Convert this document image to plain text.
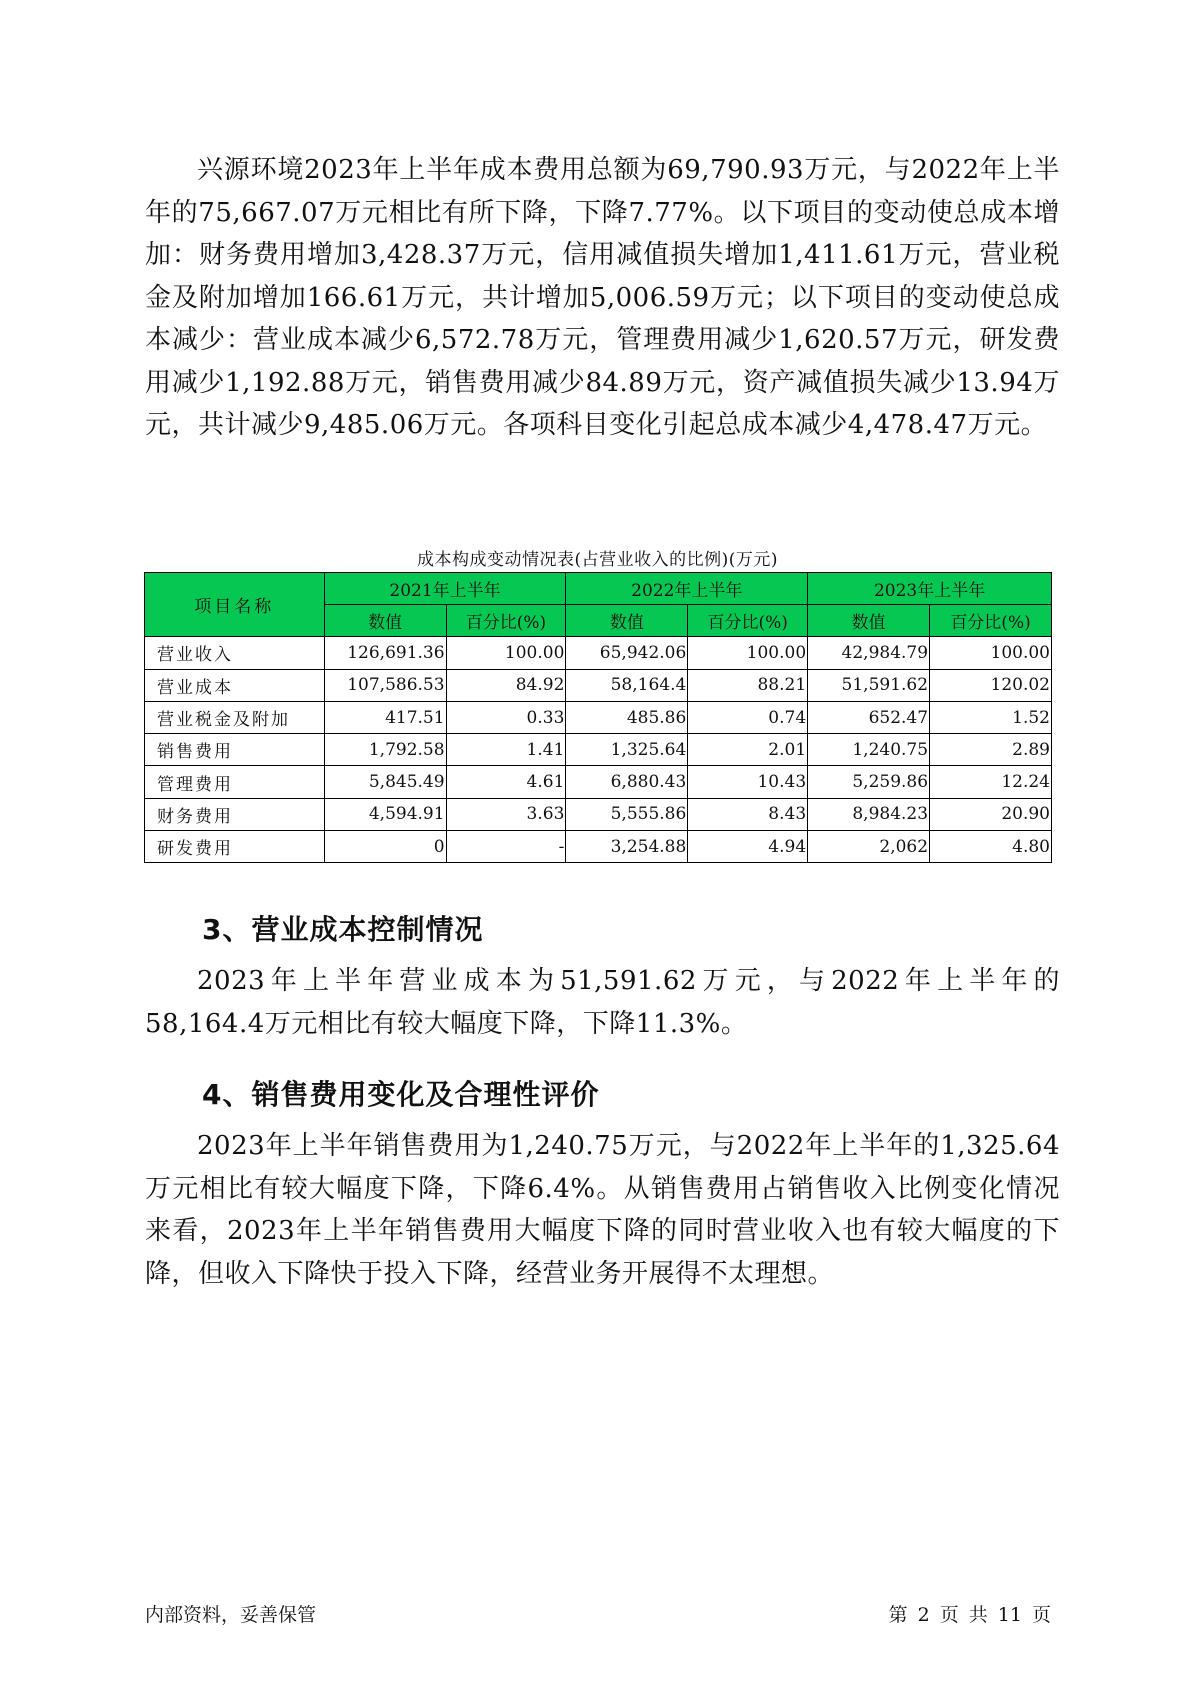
兴源环境2023年上半年成本费用总额为69,790.93万元，与2022年上半年的75,667.07万元相比有所下降，下降7.77%。以下项目的变动使总成本增加：财务费用增加3,428.37万元，信用减值损失增加1,411.61万元，营业税金及附加增加166.61万元，共计增加5,006.59万元；以下项目的变动使总成本减少：营业成本减少6,572.78万元，管理费用减少1,620.57万元，研发费用减少1,192.88万元，销售费用减少84.89万元，资产减值损失减少13.94万元，共计减少9,485.06万元。各项科目变化引起总成本减少4,478.47万元。

成本构成变动情况表(占营业收入的比例)(万元)
项目名称	2021年上半年		2022年上半年		2023年上半年	
	数值	百分比(%)	数值	百分比(%)	数值	百分比(%)
营业收入	126,691.36	100.00	65,942.06	100.00	42,984.79	100.00
营业成本	107,586.53	84.92	58,164.4	88.21	51,591.62	120.02
营业税金及附加	417.51	0.33	485.86	0.74	652.47	1.52
销售费用	1,792.58	1.41	1,325.64	2.01	1,240.75	2.89
管理费用	5,845.49	4.61	6,880.43	10.43	5,259.86	12.24
财务费用	4,594.91	3.63	5,555.86	8.43	8,984.23	20.90
研发费用	0	-	3,254.88	4.94	2,062	4.80
3、营业成本控制情况

2023年上半年营业成本为51,591.62万元，与2022年上半年的58,164.4万元相比有较大幅度下降，下降11.3%。

4、销售费用变化及合理性评价

2023年上半年销售费用为1,240.75万元，与2022年上半年的1,325.64万元相比有较大幅度下降，下降6.4%。从销售费用占销售收入比例变化情况来看，2023年上半年销售费用大幅度下降的同时营业收入也有较大幅度的下降，但收入下降快于投入下降，经营业务开展得不太理想。

内部资料，妥善保管	第 2 页 共 11 页
